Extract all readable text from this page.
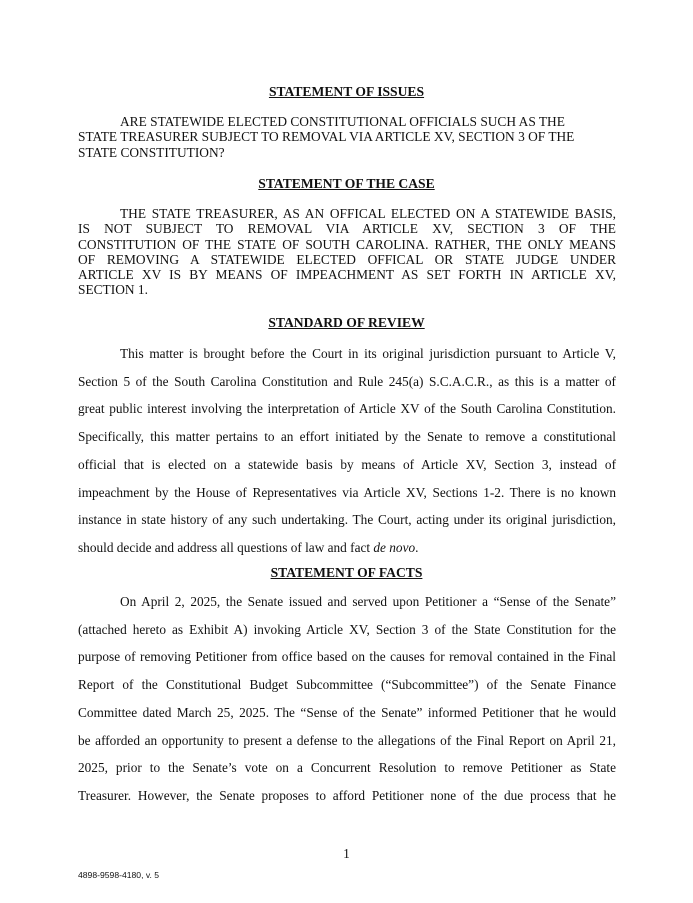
STATEMENT OF ISSUES
ARE STATEWIDE ELECTED CONSTITUTIONAL OFFICIALS SUCH AS THE
STATE TREASURER SUBJECT TO REMOVAL VIA ARTICLE XV, SECTION 3 OF THE
STATE CONSTITUTION?
STATEMENT OF THE CASE
THE STATE TREASURER, AS AN OFFICAL ELECTED ON A STATEWIDE BASIS,
IS NOT SUBJECT TO REMOVAL VIA ARTICLE XV, SECTION 3 OF THE
CONSTITUTION OF THE STATE OF SOUTH CAROLINA. RATHER, THE ONLY MEANS
OF REMOVING A STATEWIDE ELECTED OFFICAL OR STATE JUDGE UNDER
ARTICLE XV IS BY MEANS OF IMPEACHMENT AS SET FORTH IN ARTICLE XV,
SECTION 1.
STANDARD OF REVIEW
This matter is brought before the Court in its original jurisdiction pursuant to Article V,
Section 5 of the South Carolina Constitution and Rule 245(a) S.C.A.C.R., as this is a matter of
great public interest involving the interpretation of Article XV of the South Carolina Constitution.
Specifically, this matter pertains to an effort initiated by the Senate to remove a constitutional
official that is elected on a statewide basis by means of Article XV, Section 3, instead of
impeachment by the House of Representatives via Article XV, Sections 1-2. There is no known
instance in state history of any such undertaking. The Court, acting under its original jurisdiction,
should decide and address all questions of law and fact de novo.
STATEMENT OF FACTS
On April 2, 2025, the Senate issued and served upon Petitioner a “Sense of the Senate”
(attached hereto as Exhibit A) invoking Article XV, Section 3 of the State Constitution for the
purpose of removing Petitioner from office based on the causes for removal contained in the Final
Report of the Constitutional Budget Subcommittee (“Subcommittee”) of the Senate Finance
Committee dated March 25, 2025. The “Sense of the Senate” informed Petitioner that he would
be afforded an opportunity to present a defense to the allegations of the Final Report on April 21,
2025, prior to the Senate’s vote on a Concurrent Resolution to remove Petitioner as State
Treasurer. However, the Senate proposes to afford Petitioner none of the due process that he
1
4898-9598-4180, v. 5
